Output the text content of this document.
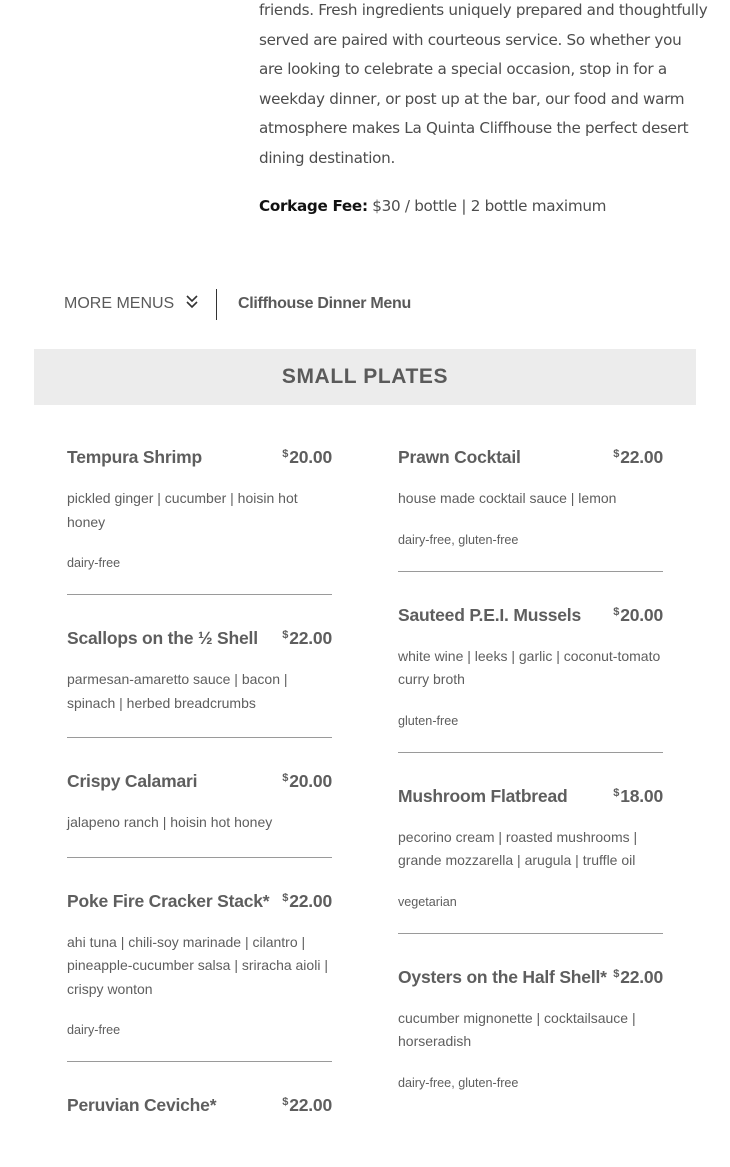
friends. Fresh ingredients uniquely prepared and thoughtfully served are paired with courteous service. So whether you are looking to celebrate a special occasion, stop in for a weekday dinner, or post up at the bar, our food and warm atmosphere makes La Quinta Cliffhouse the perfect desert dining destination.

Corkage Fee: $30 / bottle | 2 bottle maximum
MORE MENUS	Cliffhouse Dinner Menu
SMALL PLATES
Tempura Shrimp	$20.00
pickled ginger | cucumber | hoisin hot honey
dairy-free
Scallops on the ½ Shell $22.00
parmesan-amaretto sauce | bacon | spinach | herbed breadcrumbs
Crispy Calamari	$20.00
jalapeno ranch | hoisin hot honey
Poke Fire Cracker Stack* $22.00
ahi tuna | chili-soy marinade | cilantro | pineapple-cucumber salsa | sriracha aioli | crispy wonton
dairy-free
Peruvian Ceviche*	$22.00
Prawn Cocktail	$22.00
house made cocktail sauce | lemon
dairy-free, gluten-free
Sauteed P.E.I. Mussels	$20.00
white wine | leeks | garlic | coconut-tomato curry broth
gluten-free
Mushroom Flatbread	$18.00
pecorino cream | roasted mushrooms | grande mozzarella | arugula | truffle oil
vegetarian
Oysters on the Half Shell* $22.00
cucumber mignonette | cocktailsauce | horseradish
dairy-free, gluten-free
